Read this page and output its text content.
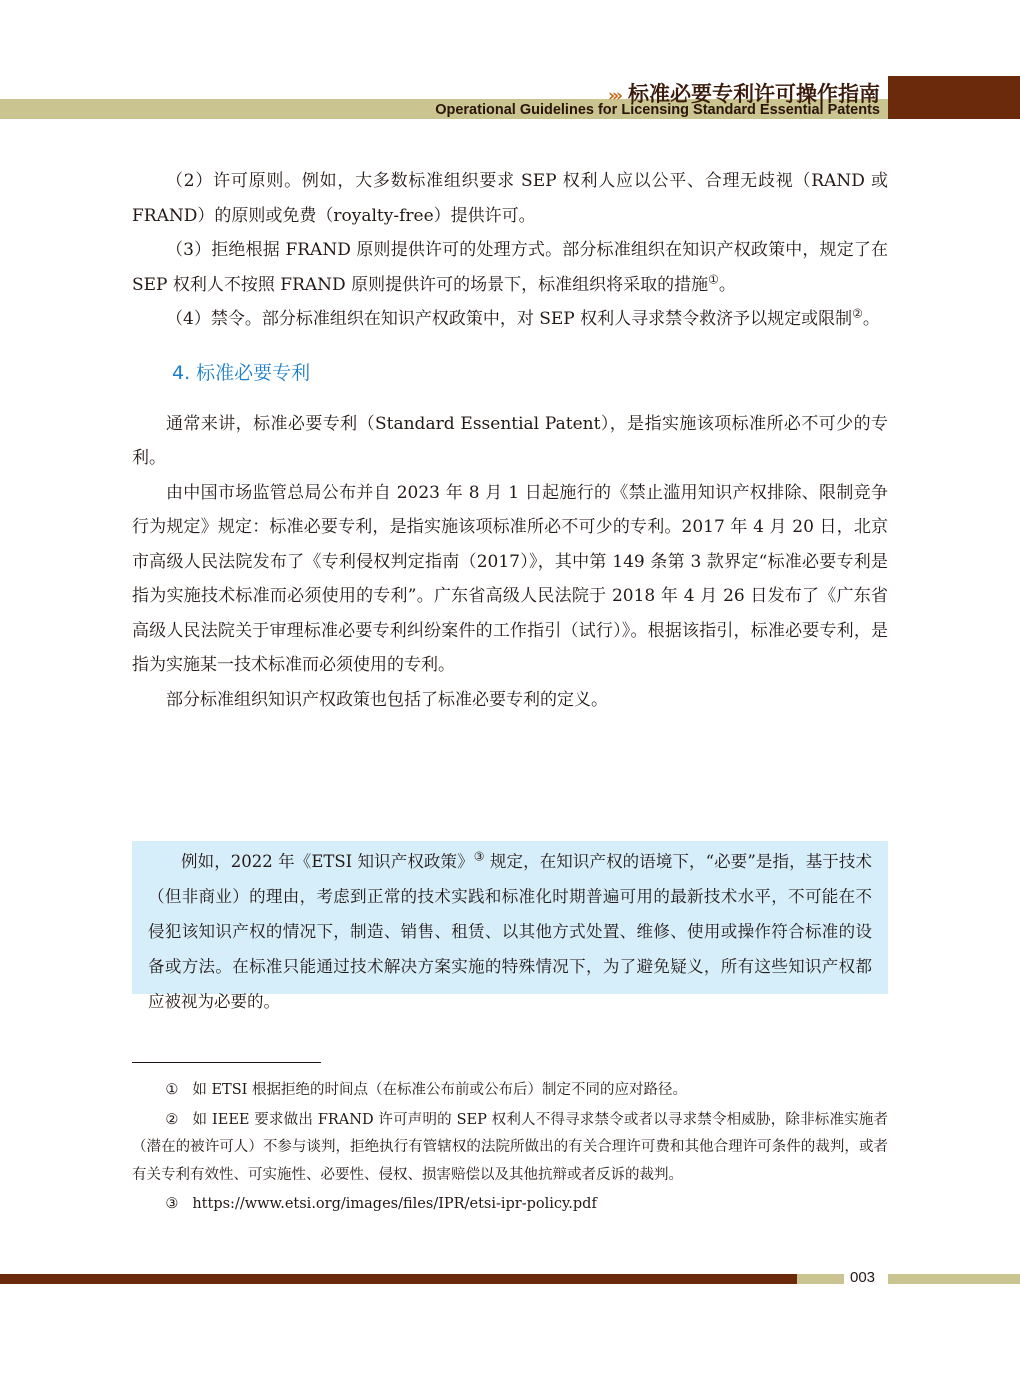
››› 标准必要专利许可操作指南
Operational Guidelines for Licensing Standard Essential Patents

（2）许可原则。例如，大多数标准组织要求 SEP 权利人应以公平、合理无歧视（RAND 或 FRAND）的原则或免费（royalty-free）提供许可。

（3）拒绝根据 FRAND 原则提供许可的处理方式。部分标准组织在知识产权政策中，规定了在 SEP 权利人不按照 FRAND 原则提供许可的场景下，标准组织将采取的措施①。

（4）禁令。部分标准组织在知识产权政策中，对 SEP 权利人寻求禁令救济予以规定或限制②。

4. 标准必要专利

通常来讲，标准必要专利（Standard Essential Patent），是指实施该项标准所必不可少的专利。

由中国市场监管总局公布并自 2023 年 8 月 1 日起施行的《禁止滥用知识产权排除、限制竞争行为规定》规定：标准必要专利，是指实施该项标准所必不可少的专利。2017 年 4 月 20 日，北京市高级人民法院发布了《专利侵权判定指南（2017）》，其中第 149 条第 3 款界定“标准必要专利是指为实施技术标准而必须使用的专利”。广东省高级人民法院于 2018 年 4 月 26 日发布了《广东省高级人民法院关于审理标准必要专利纠纷案件的工作指引（试行）》。根据该指引，标准必要专利，是指为实施某一技术标准而必须使用的专利。

部分标准组织知识产权政策也包括了标准必要专利的定义。

例如，2022 年《ETSI 知识产权政策》③ 规定，在知识产权的语境下，“必要”是指，基于技术（但非商业）的理由，考虑到正常的技术实践和标准化时期普遍可用的最新技术水平，不可能在不侵犯该知识产权的情况下，制造、销售、租赁、以其他方式处置、维修、使用或操作符合标准的设备或方法。在标准只能通过技术解决方案实施的特殊情况下，为了避免疑义，所有这些知识产权都应被视为必要的。

① 如 ETSI 根据拒绝的时间点（在标准公布前或公布后）制定不同的应对路径。

② 如 IEEE 要求做出 FRAND 许可声明的 SEP 权利人不得寻求禁令或者以寻求禁令相威胁，除非标准实施者（潜在的被许可人）不参与谈判，拒绝执行有管辖权的法院所做出的有关合理许可费和其他合理许可条件的裁判，或者有关专利有效性、可实施性、必要性、侵权、损害赔偿以及其他抗辩或者反诉的裁判。

③ https://www.etsi.org/images/files/IPR/etsi-ipr-policy.pdf

003
